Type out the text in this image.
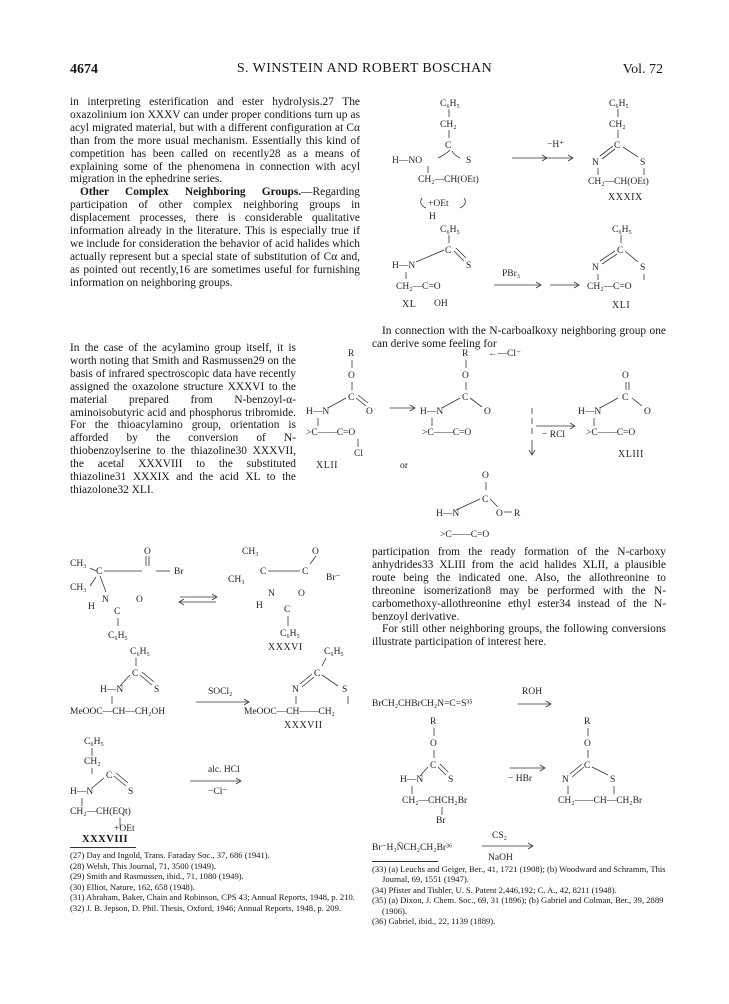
4674	S. WINSTEIN AND ROBERT BOSCHAN	Vol. 72

in interpreting esterification and ester hydrolysis.27 The oxazolinium ion XXXV can under proper conditions turn up as acyl migrated material, but with a different configuration at Cα than from the more usual mechanism. Essentially this kind of competition has been called on recently28 as a means of explaining some of the phenomena in connection with acyl migration in the ephedrine series.

Other Complex Neighboring Groups.—Regarding participation of other complex neighboring groups in displacement processes, there is considerable qualitative information already in the literature. This is especially true if we include for consideration the behavior of acid halides which actually represent but a special state of substitution of Cα and, as pointed out recently,16 are sometimes useful for furnishing information on neighboring groups.

In the case of the acylamino group itself, it is worth noting that Smith and Rasmussen29 on the basis of infrared spectroscopic data have recently assigned the oxazolone structure XXXVI to the material prepared from N-benzoyl-α-aminoisobutyric acid and phosphorus tribromide. For the thioacylamino group, orientation is afforded by the conversion of N-thiobenzoylserine to the thiazoline30 XXXVII, the acetal XXXVIII to the substituted thiazoline31 XXXIX and the acid XL to the thiazolone32 XLI.

In connection with the N-carboalkoxy neighboring group one can derive some feeling for

participation from the ready formation of the N-carboxy anhydrides33 XLIII from the acid halides XLII, a plausible route being the indicated one. Also, the allothreonine to threonine isomerization8 may be performed with the N-carbomethoxy-allothreonine ethyl ester34 instead of the N-benzoyl derivative.

For still other neighboring groups, the following conversions illustrate participation of interest here.

C₆H₅
CH₂
C
H—NO	S
CH₂—CH(OEt)
+OEt
H
−H⁺
C₆H₅
CH₂
C
N	S
CH₂—CH(OEt)
XXXIX
C₆H₅
C
H—N	S
CH₂—C=O
OH
XL
PBr₃
C₆H₅
C
N	S
CH₂—C=O
XLI
R
O
C
H—N	O
>C——C=O
Cl
XLII
R ←—Cl⁻
O
C
H—N	O
>C——C=O
or
− RCl
O
C
H—N	O R
>C——C=O
O
C
H—N	O
>C——C=O
XLIII
O
CH₃
C	Br
CH₃
H
N	O
C
C₆H₅
CH₃	O
C	C
CH₃	Br⁻
N O
H C
C₆H₅
XXXVI
C₆H₅
C
H—N	S
MeOOC—CH—CH₂OH
SOCl₂
C₆H₅
C
N	S
MeOOC—CH——CH₂
XXXVII
C₆H₅
CH₂
C
H—N	S
CH₂—CH(EQt)
+OEt
alc. HCl
−Cl⁻
XXXVIII
BrCH₂CHBrCH₂N=C=S³⁵
ROH
R
O
C
H—N	S
CH₂—CHCH₂Br
Br
− HBr
R
O
C
N	S
CH₂——CH—CH₂Br
Br⁻H₃N̄CH₂CH₂Br³⁶
CS₂
NaOH

(27) Day and Ingold, Trans. Faraday Soc., 37, 686 (1941).

(28) Welsh, This Journal, 71, 3500 (1949).

(29) Smith and Rasmussen, ibid., 71, 1080 (1949).

(30) Elliot, Nature, 162, 658 (1948).

(31) Abraham, Baker, Chain and Robinson, CPS 43; Annual Reports, 1948, p. 210.

(32) J. B. Jepson, D. Phil. Thesis, Oxford, 1946; Annual Reports, 1948, p. 209.

(33) (a) Leuchs and Geiger, Ber., 41, 1721 (1908); (b) Woodward and Schramm, This Journal, 69, 1551 (1947).

(34) Pfister and Tishler, U. S. Patent 2,446,192; C. A., 42, 8211 (1948).

(35) (a) Dixon, J. Chem. Soc., 69, 31 (1896); (b) Gabriel and Colman, Ber., 39, 2889 (1906).

(36) Gabriel, ibid., 22, 1139 (1889).
